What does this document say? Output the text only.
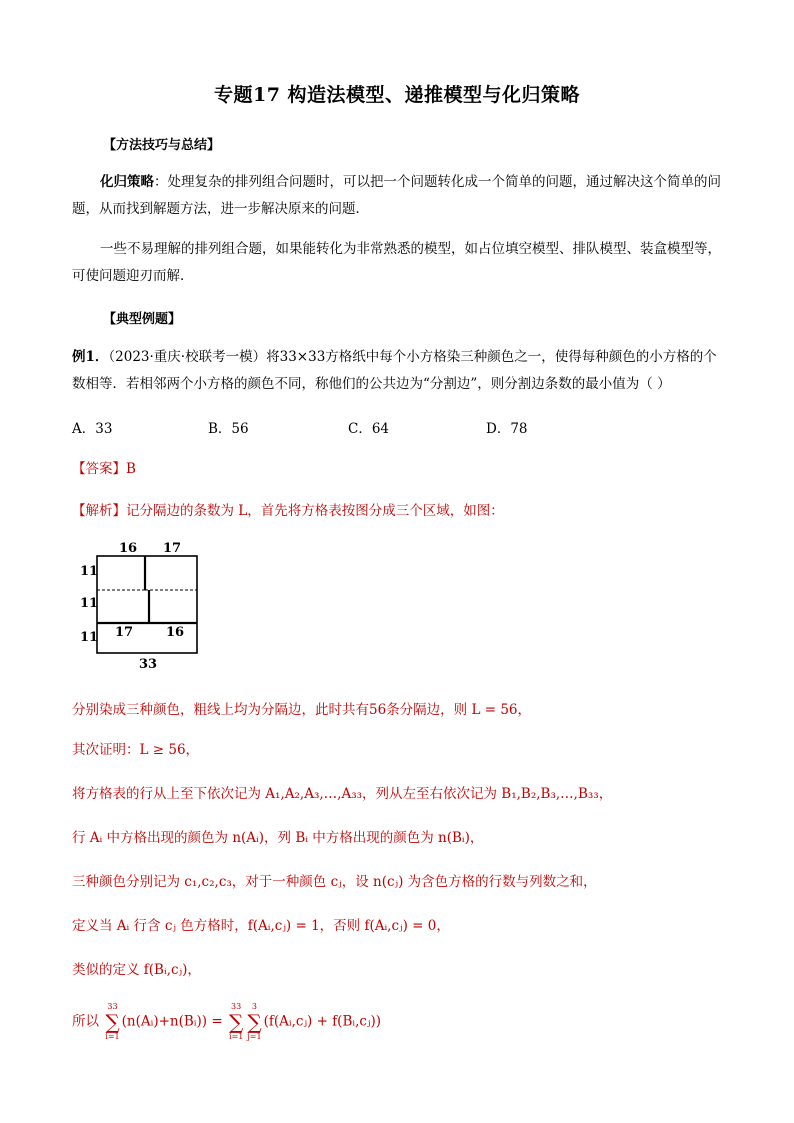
专题17 构造法模型、递推模型与化归策略
【方法技巧与总结】
化归策略：处理复杂的排列组合问题时，可以把一个问题转化成一个简单的问题，通过解决这个简单的问题，从而找到解题方法，进一步解决原来的问题．
一些不易理解的排列组合题，如果能转化为非常熟悉的模型，如占位填空模型、排队模型、装盒模型等，可使问题迎刃而解．
【典型例题】
例1．（2023·重庆·校联考一模）将33×33方格纸中每个小方格染三种颜色之一，使得每种颜色的小方格的个数相等．若相邻两个小方格的颜色不同，称他们的公共边为“分割边”，则分割边条数的最小值为（ ）
A．33	B．56	C．64	D．78
【答案】B
【解析】记分隔边的条数为 L，首先将方格表按图分成三个区域，如图：
16 17
11
11
11 17	16
33
分别染成三种颜色，粗线上均为分隔边，此时共有56条分隔边，则 L = 56，
其次证明：L ≥ 56，
将方格表的行从上至下依次记为 A₁,A₂,A₃,…,A₃₃，列从左至右依次记为 B₁,B₂,B₃,…,B₃₃，
行 Aᵢ 中方格出现的颜色为 n(Aᵢ)，列 Bᵢ 中方格出现的颜色为 n(Bᵢ)，
三种颜色分别记为 c₁,c₂,c₃，对于一种颜色 cⱼ，设 n(cⱼ) 为含色方格的行数与列数之和，
定义当 Aᵢ 行含 cⱼ 色方格时，f(Aᵢ,cⱼ) = 1，否则 f(Aᵢ,cⱼ) = 0，
类似的定义 f(Bᵢ,cⱼ)，
所以
33
∑
i=1
(n(Aᵢ)+n(Bᵢ)) =
33
∑
i=1
3
∑
j=1
(f(Aᵢ,cⱼ) + f(Bᵢ,cⱼ))
